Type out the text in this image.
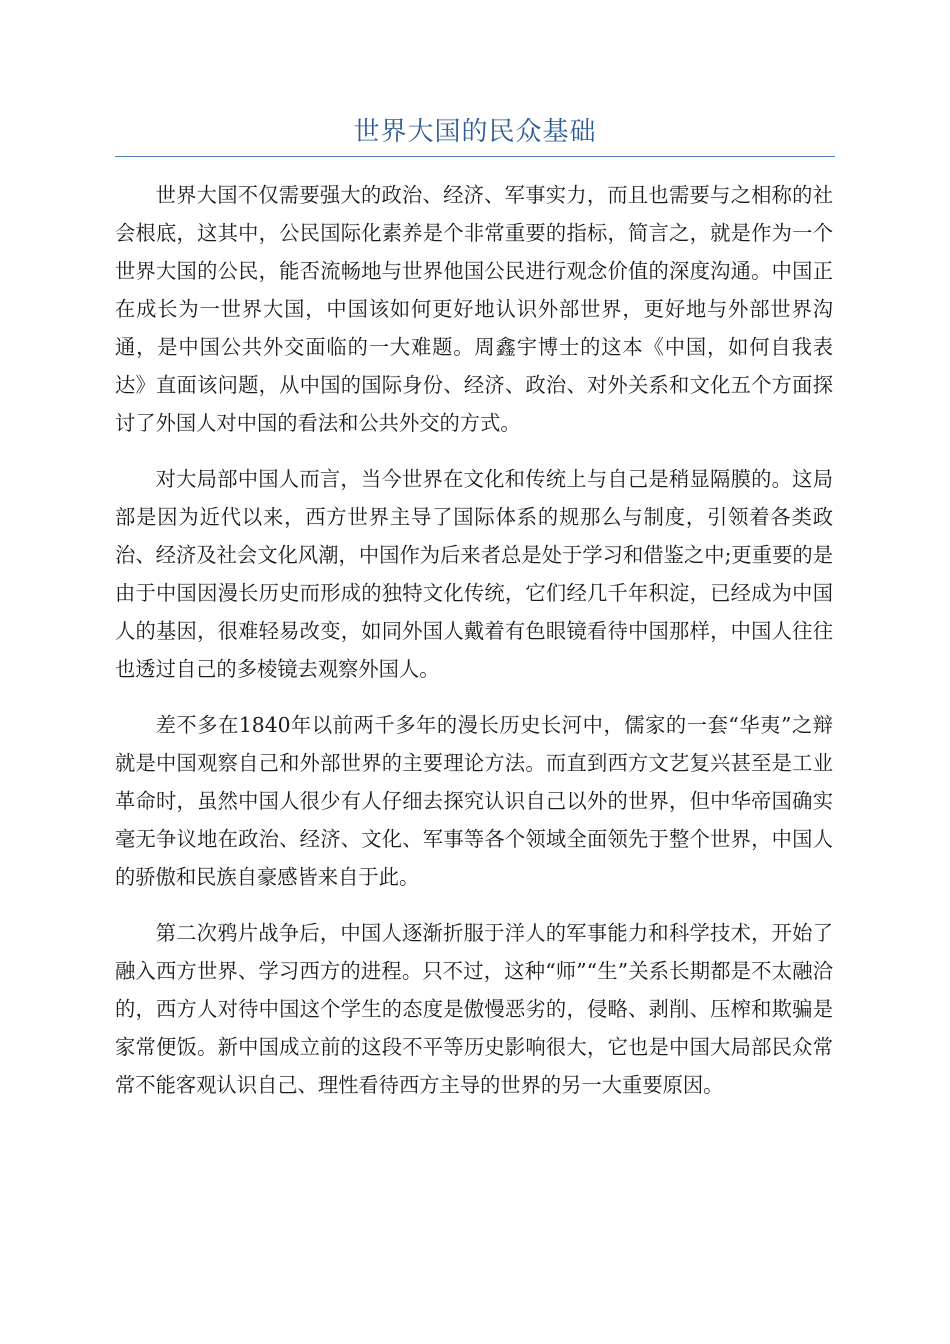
世界大国的民众基础

世界大国不仅需要强大的政治、经济、军事实力，而且也需要与之相称的社会根底，这其中，公民国际化素养是个非常重要的指标，简言之，就是作为一个世界大国的公民，能否流畅地与世界他国公民进行观念价值的深度沟通。中国正在成长为一世界大国，中国该如何更好地认识外部世界，更好地与外部世界沟通，是中国公共外交面临的一大难题。周鑫宇博士的这本《中国，如何自我表达》直面该问题，从中国的国际身份、经济、政治、对外关系和文化五个方面探讨了外国人对中国的看法和公共外交的方式。

对大局部中国人而言，当今世界在文化和传统上与自己是稍显隔膜的。这局部是因为近代以来，西方世界主导了国际体系的规那么与制度，引领着各类政治、经济及社会文化风潮，中国作为后来者总是处于学习和借鉴之中;更重要的是由于中国因漫长历史而形成的独特文化传统，它们经几千年积淀，已经成为中国人的基因，很难轻易改变，如同外国人戴着有色眼镜看待中国那样，中国人往往也透过自己的多棱镜去观察外国人。

差不多在1840年以前两千多年的漫长历史长河中，儒家的一套“华夷”之辩就是中国观察自己和外部世界的主要理论方法。而直到西方文艺复兴甚至是工业革命时，虽然中国人很少有人仔细去探究认识自己以外的世界，但中华帝国确实毫无争议地在政治、经济、文化、军事等各个领域全面领先于整个世界，中国人的骄傲和民族自豪感皆来自于此。

第二次鸦片战争后，中国人逐渐折服于洋人的军事能力和科学技术，开始了融入西方世界、学习西方的进程。只不过，这种“师”“生”关系长期都是不太融洽的，西方人对待中国这个学生的态度是傲慢恶劣的，侵略、剥削、压榨和欺骗是家常便饭。新中国成立前的这段不平等历史影响很大，它也是中国大局部民众常常不能客观认识自己、理性看待西方主导的世界的另一大重要原因。
